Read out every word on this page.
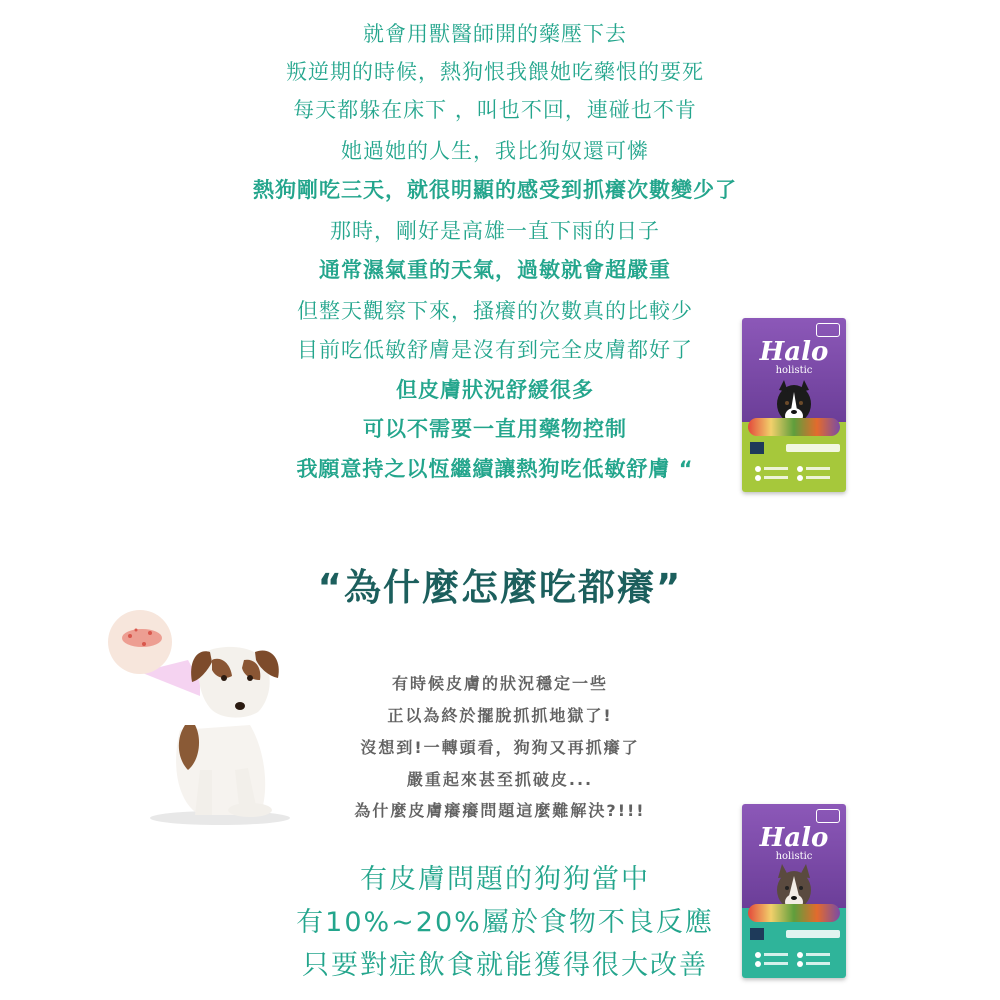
就會用獸醫師開的藥壓下去
叛逆期的時候，熱狗恨我餵她吃藥恨的要死
每天都躲在床下 ，叫也不回，連碰也不肯
她過她的人生，我比狗奴還可憐
熱狗剛吃三天，就很明顯的感受到抓癢次數變少了
那時，剛好是高雄一直下雨的日子
通常濕氣重的天氣，過敏就會超嚴重
但整天觀察下來，搔癢的次數真的比較少
目前吃低敏舒膚是沒有到完全皮膚都好了
但皮膚狀況舒緩很多
可以不需要一直用藥物控制
我願意持之以恆繼續讓熱狗吃低敏舒膚 “
Halo
holistic
“為什麼怎麼吃都癢”
有時候皮膚的狀況穩定一些
正以為終於擺脫抓抓地獄了!
沒想到!一轉頭看，狗狗又再抓癢了
嚴重起來甚至抓破皮...
為什麼皮膚癢癢問題這麼難解決?!!!
有皮膚問題的狗狗當中
有10%~20%屬於食物不良反應
只要對症飲食就能獲得很大改善
Halo
holistic
